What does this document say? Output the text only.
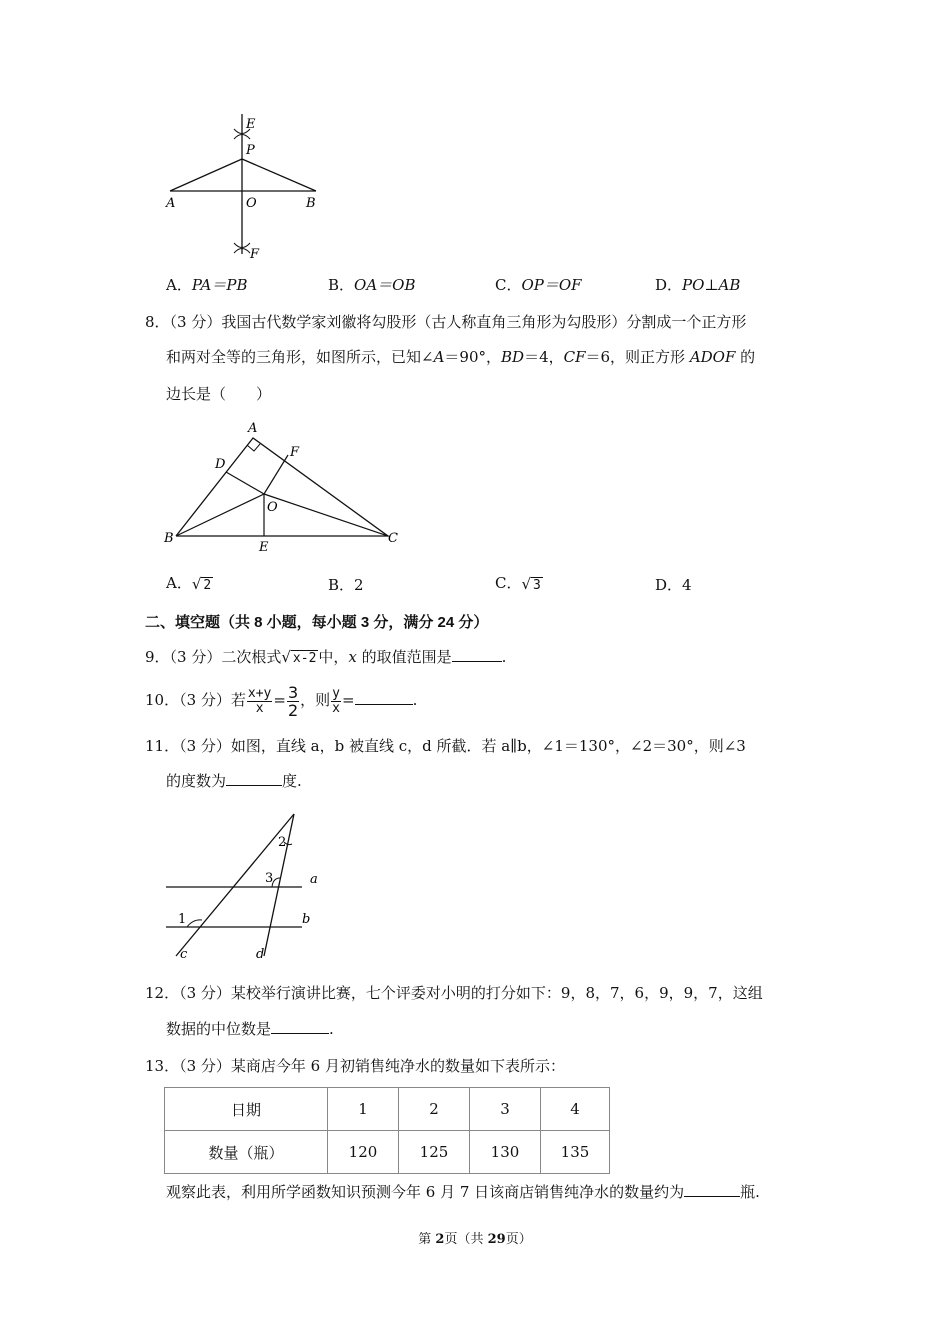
E
P
A	O	B
F
A．PA＝PB	B．OA＝OB	C．OP＝OF	D．PO⊥AB
8．（3 分）我国古代数学家刘徽将勾股形（古人称直角三角形为勾股形）分割成一个正方形
和两对全等的三角形，如图所示，已知∠A＝90°，BD＝4，CF＝6，则正方形 ADOF 的
边长是（　　）
A
D
F
O
B
E
C
A．√ 2	B．2	C．√ 3	D．4
二、填空题（共 8 小题，每小题 3 分，满分 24 分）
9．（3 分）二次根式√ x-2 中，x 的取值范围是	.
10．（3 分）若 $\frac{x+y}{x} = \frac{3}{2}$ ，则 $\frac{y}{x}$ =	.
11．（3 分）如图，直线 a，b 被直线 c，d 所截．若 a∥b，∠1＝130°，∠2＝30°，则∠3
的度数为	度.
1
2
3	a
b
c	d
12．（3 分）某校举行演讲比赛，七个评委对小明的打分如下：9，8，7，6，9，9，7，这组
数据的中位数是	.
13．（3 分）某商店今年 6 月初销售纯净水的数量如下表所示：
日期	1	2	3	4
数量（瓶）	120	125	130	135
观察此表，利用所学函数知识预测今年 6 月 7 日该商店销售纯净水的数量约为	瓶.
第 2页（共 29页）
